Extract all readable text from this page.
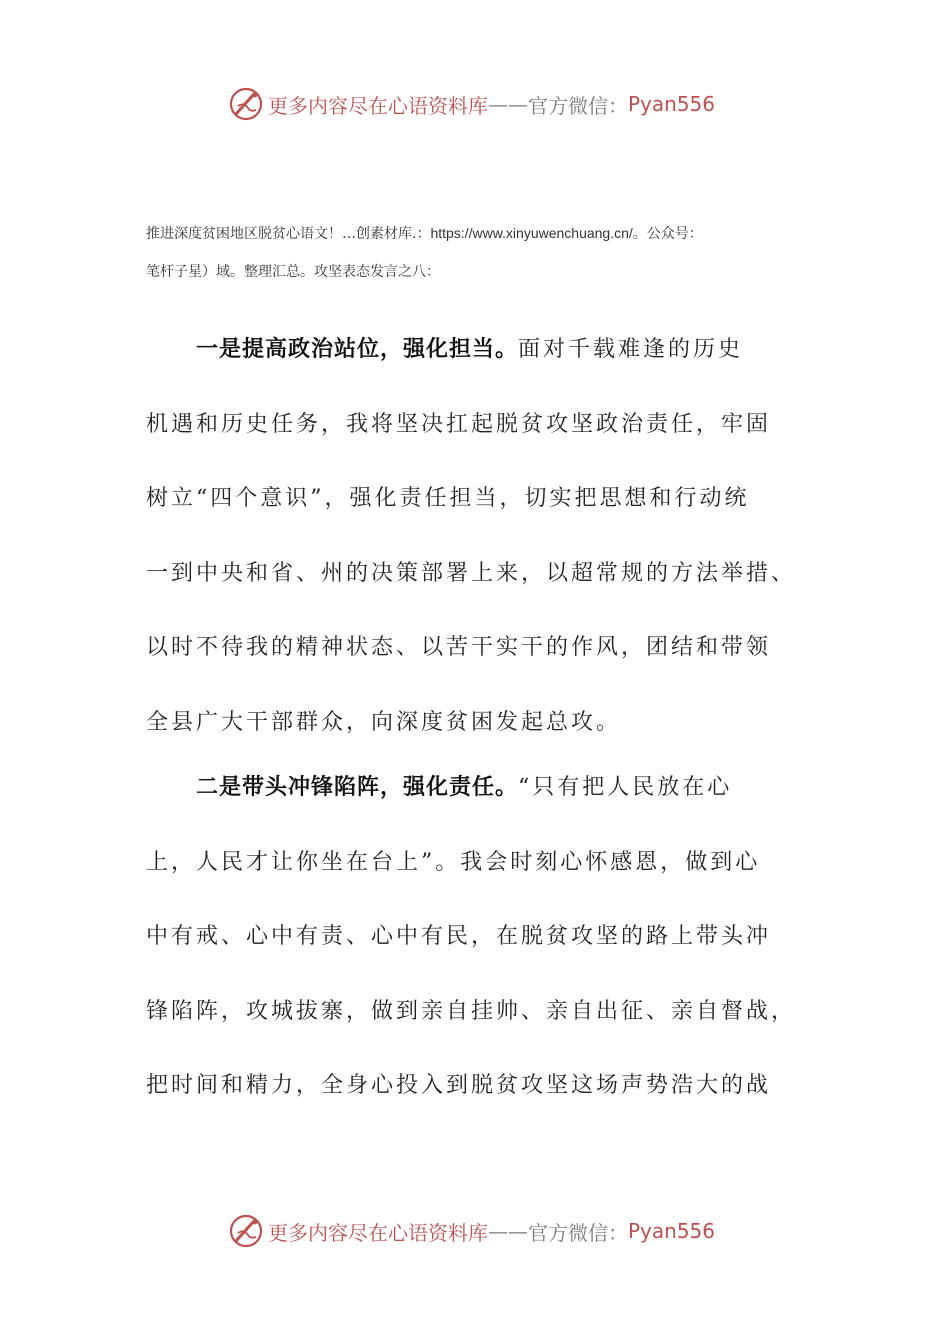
更多内容尽在心语资料库 —— 官方微信： Pyan556
推进深度贫困地区脱贫心语文！…创素材库.：https://www.xinyuwenchuang.cn/。公众号：
笔杆子星）域。整理汇总。攻坚表态发言之八：
一是提高政治站位，强化担当。面对千载难逢的历史
机遇和历史任务，我将坚决扛起脱贫攻坚政治责任，牢固
树立“四个意识”，强化责任担当，切实把思想和行动统
一到中央和省、州的决策部署上来，以超常规的方法举措、
以时不待我的精神状态、以苦干实干的作风，团结和带领
全县广大干部群众，向深度贫困发起总攻。
二是带头冲锋陷阵，强化责任。“只有把人民放在心
上，人民才让你坐在台上”。我会时刻心怀感恩，做到心
中有戒、心中有责、心中有民，在脱贫攻坚的路上带头冲
锋陷阵，攻城拔寨，做到亲自挂帅、亲自出征、亲自督战，
把时间和精力，全身心投入到脱贫攻坚这场声势浩大的战
更多内容尽在心语资料库 —— 官方微信： Pyan556
